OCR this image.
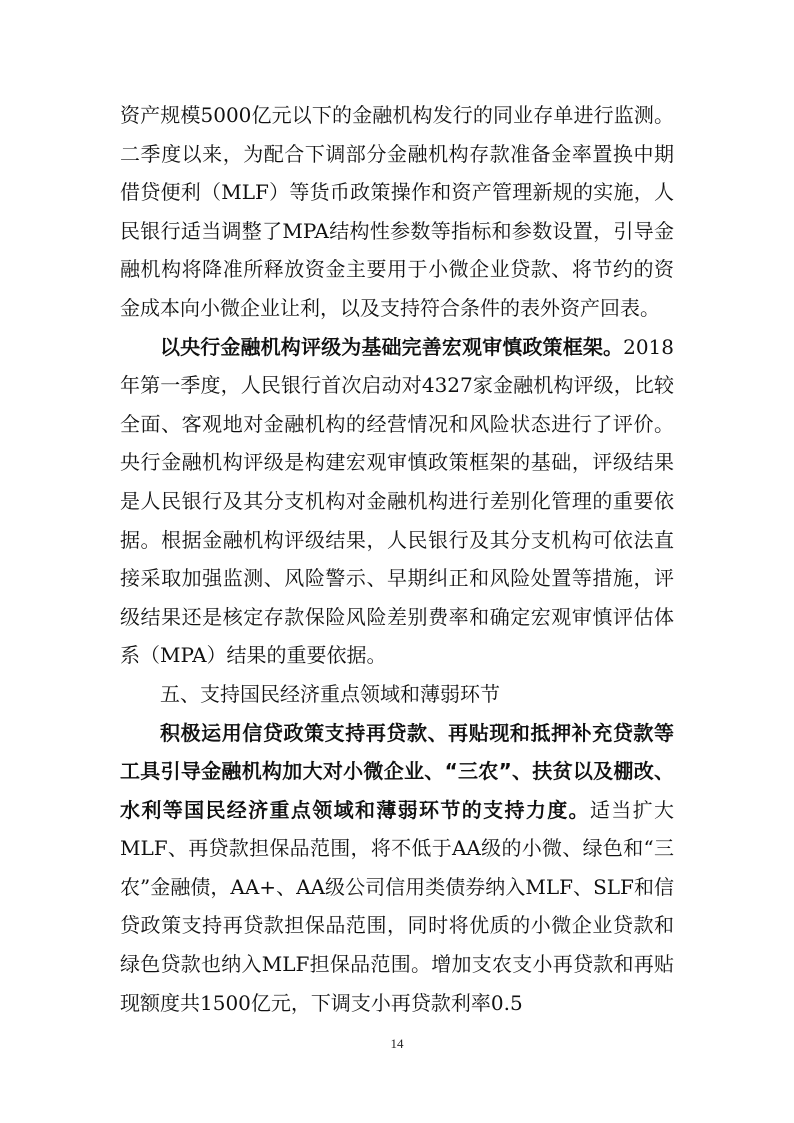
资产规模5000亿元以下的金融机构发行的同业存单进行监测。二季度以来，为配合下调部分金融机构存款准备金率置换中期借贷便利（MLF）等货币政策操作和资产管理新规的实施，人民银行适当调整了MPA结构性参数等指标和参数设置，引导金融机构将降准所释放资金主要用于小微企业贷款、将节约的资金成本向小微企业让利，以及支持符合条件的表外资产回表。

以央行金融机构评级为基础完善宏观审慎政策框架。2018年第一季度，人民银行首次启动对4327家金融机构评级，比较全面、客观地对金融机构的经营情况和风险状态进行了评价。央行金融机构评级是构建宏观审慎政策框架的基础，评级结果是人民银行及其分支机构对金融机构进行差别化管理的重要依据。根据金融机构评级结果，人民银行及其分支机构可依法直接采取加强监测、风险警示、早期纠正和风险处置等措施，评级结果还是核定存款保险风险差别费率和确定宏观审慎评估体系（MPA）结果的重要依据。

五、支持国民经济重点领域和薄弱环节

积极运用信贷政策支持再贷款、再贴现和抵押补充贷款等工具引导金融机构加大对小微企业、“三农”、扶贫以及棚改、水利等国民经济重点领域和薄弱环节的支持力度。适当扩大MLF、再贷款担保品范围，将不低于AA级的小微、绿色和“三农”金融债，AA+、AA级公司信用类债券纳入MLF、SLF和信贷政策支持再贷款担保品范围，同时将优质的小微企业贷款和绿色贷款也纳入MLF担保品范围。增加支农支小再贷款和再贴现额度共1500亿元，下调支小再贷款利率0.5

14
